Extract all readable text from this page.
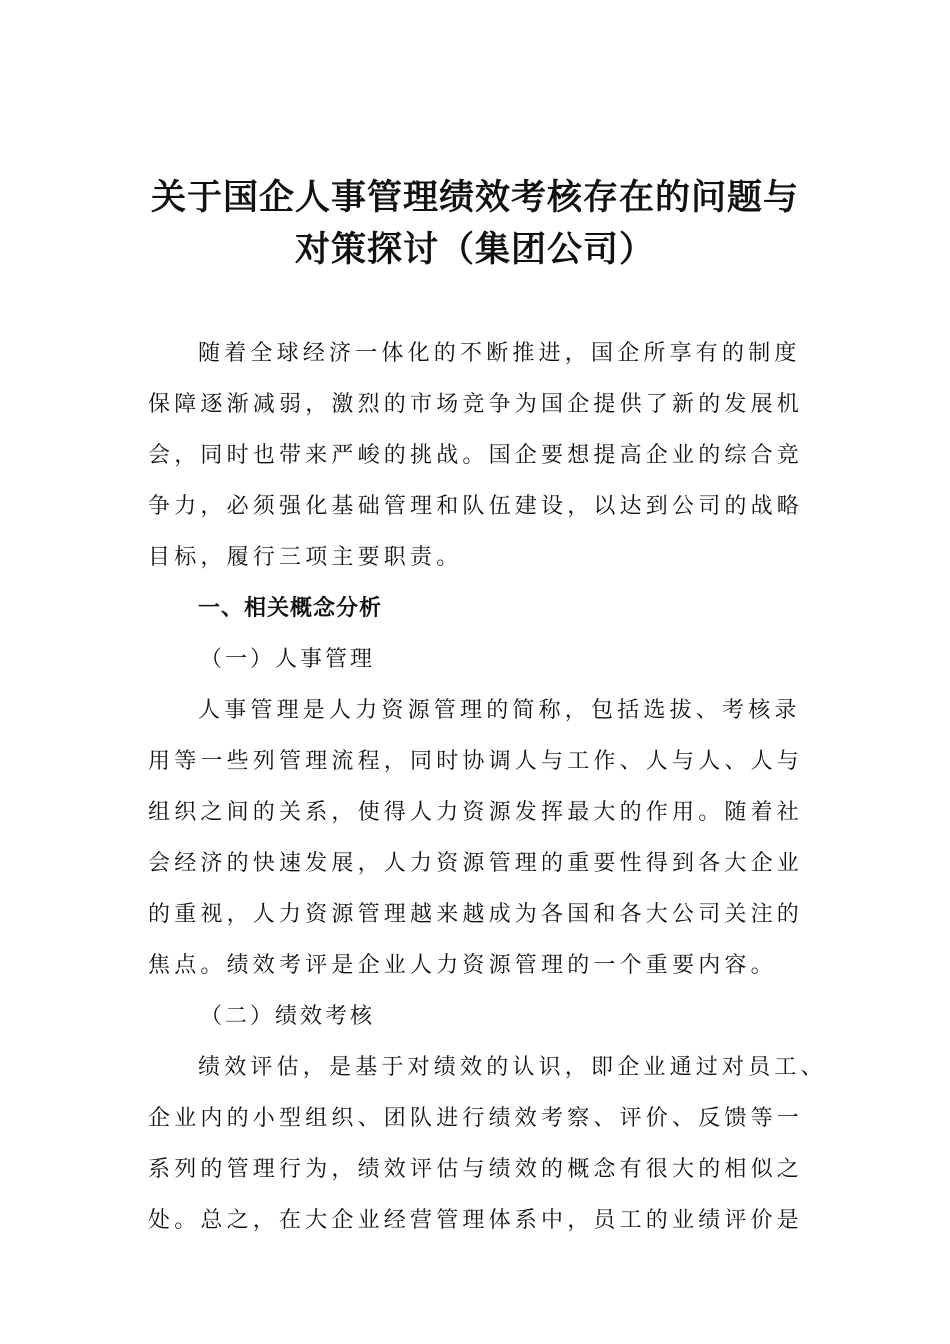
关于国企人事管理绩效考核存在的问题与
对策探讨（集团公司）
随着全球经济一体化的不断推进，国企所享有的制度
保障逐渐减弱，激烈的市场竞争为国企提供了新的发展机
会，同时也带来严峻的挑战。国企要想提高企业的综合竞
争力，必须强化基础管理和队伍建设，以达到公司的战略
目标，履行三项主要职责。
一、相关概念分析
（一）人事管理
人事管理是人力资源管理的简称，包括选拔、考核录
用等一些列管理流程，同时协调人与工作、人与人、人与
组织之间的关系，使得人力资源发挥最大的作用。随着社
会经济的快速发展，人力资源管理的重要性得到各大企业
的重视，人力资源管理越来越成为各国和各大公司关注的
焦点。绩效考评是企业人力资源管理的一个重要内容。
（二）绩效考核
绩效评估，是基于对绩效的认识，即企业通过对员工、
企业内的小型组织、团队进行绩效考察、评价、反馈等一
系列的管理行为，绩效评估与绩效的概念有很大的相似之
处。总之，在大企业经营管理体系中，员工的业绩评价是
